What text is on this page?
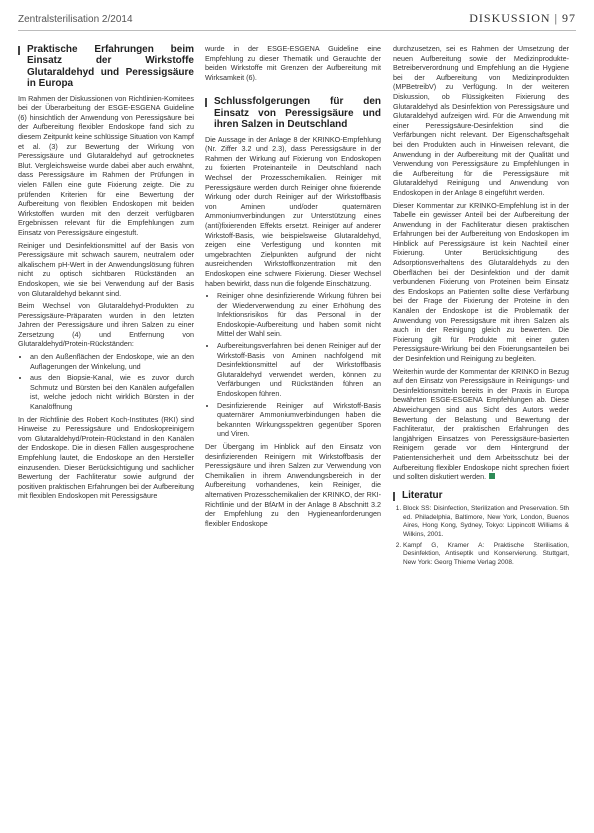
Zentralsterilisation 2/2014	DISKUSSION | 97
Praktische Erfahrungen beim Einsatz der Wirkstoffe Glutaraldehyd und Peressigsäure in Europa

Im Rahmen der Diskussionen von Richtlinien-Komitees bei der Überarbeitung der ESGE-ESGENA Guideline (6) hinsichtlich der Anwendung von Peressigsäure bei der Aufbereitung flexibler Endoskope fand sich zu diesem Zeitpunkt keine schlüssige Situation von Kampf et al. (3) zur Bewertung der Wirkung von Peressigsäure und Glutaraldehyd auf getrocknetes Blut. Vergleichsweise wurde dabei aber auch erwähnt, dass Peressigsäure im Rahmen der Prüfungen in vielen Fällen eine gute Fixierung zeigte. Die zu prüfenden Kriterien für eine Bewertung der Aufbereitung von flexiblen Endoskopen mit beiden Wirkstoffen wurden mit den derzeit verfügbaren Ergebnissen relevant für die Empfehlungen zum Einsatz von Peressigsäure eingestuft.

Reiniger und Desinfektionsmittel auf der Basis von Peressigsäure mit schwach saurem, neutralem oder alkalischem pH-Wert in der Anwendungslösung führen nicht zu optisch sichtbaren Rückständen an Endoskopen, wie sie bei Verwendung auf der Basis von Glutaraldehyd bekannt sind.

Beim Wechsel von Glutaraldehyd-Produkten zu Peressigsäure-Präparaten wurden in den letzten Jahren der Peressigsäure und ihren Salzen zu einer Zersetzung (4) und Entfernung von Glutaraldehyd/Protein-Rückständen:

• an den Außenflächen der Endoskope, wie an den Auflagerungen der Winkelung, und
• aus den Biopsie-Kanal, wie es zuvor durch Schmutz und Bürsten bei den Kanälen aufgefallen ist, welche jedoch nicht wirklich Bürsten in der Kanalöffnung

In der Richtlinie des Robert Koch-Institutes (RKI) sind Hinweise zu Peressigsäure und Endoskopreinigern vom Glutaraldehyd/Protein-Rückstand in den Kanälen der Endoskope. Die in diesen Fällen ausgesprochene Empfehlung lautet, die Endoskope an den Hersteller einzusenden. Dieser Berücksichtigung und sachlicher Bewertung der Fachliteratur sowie aufgrund der positiven praktischen Erfahrungen bei der Aufbereitung mit flexiblen Endoskopen mit Peressigsäure

wurde in der ESGE-ESGENA Guideline eine Empfehlung zu dieser Thematik und Gerauchte der beiden Wirkstoffe mit Grenzen der Aufbereitung mit Wirksamkeit (6).

Schlussfolgerungen für den Einsatz von Peressigsäure und ihren Salzen in Deutschland

Die Aussage in der Anlage 8 der KRINKO-Empfehlung (Nr. Ziffer 3.2 und 2.3), dass Peressigsäure in der Rahmen der Wirkung auf Fixierung von Endoskopen zu fixierten Proteinanteile in Deutschland nach Wechsel der Prozesschemikalien. Reiniger mit Peressigsäure werden durch Reiniger ohne fixierende Wirkung oder durch Reiniger auf der Wirkstoffbasis von Aminen und/oder quaternären Ammoniumverbindungen zur Unterstützung eines (anti)fixierenden Effekts ersetzt. Reiniger auf anderer Wirkstoff-Basis, wie beispielsweise Glutaraldehyd, zeigen eine Verfestigung und konnten mit umgebrachten Zielpunkten aufgrund der nicht ausreichenden Wirkstoffkonzentration mit den Endoskopen eine schwere Fixierung. Dieser Wechsel haben bewirkt, dass nun die folgende Einschätzung.

• Reiniger ohne desinfizierende Wirkung führen bei der Wiederverwendung zu einer Erhöhung des Infektionsrisikos für das Personal in der Endoskopie-Aufbereitung und haben somit nicht Mittel der Wahl sein.
• Aufbereitungsverfahren bei denen Reiniger auf der Wirkstoff-Basis von Aminen nachfolgend mit Desinfektionsmittel auf der Wirkstoffbasis Glutaraldehyd verwendet werden, können zu Verfärbungen und Rückständen führen an Endoskopen führen.
• Desinfizierende Reiniger auf Wirkstoff-Basis quaternärer Ammoniumverbindungen haben die bekannten Wirkungsspektren gegenüber Sporen und Viren.

Der Übergang im Hinblick auf den Einsatz von desinfizierenden Reinigern mit Wirkstoffbasis der Peressigsäure und ihren Salzen zur Verwendung von Chemikalien in ihrem Anwendungsbereich in der Aufbereitung vorhandenes, kein Reiniger, die alternativen Prozesschemikalien der KRINKO, der RKI-Richtlinie und der BfArM in der Anlage 8 Abschnitt 3.2 der Empfehlung zu den Hygieneanforderungen flexibler Endoskope

durchzusetzen, sei es Rahmen der Umsetzung der neuen Aufbereitung sowie der Medizinprodukte-Betreiberverordnung und Empfehlung an die Hygiene bei der Aufbereitung von Medizinprodukten (MPBetreibV) zu Verfügung. In der weiteren Diskussion, ob Flüssigkeiten Fixierung des Glutaraldehyd als Desinfektion von Peressigsäure und Glutaraldehyd aufzeigen wird. Für die Anwendung mit einer Peressigsäure-Desinfektion sind die Verfärbungen nicht relevant. Der Eigenschaftsgehalt bei den Produkten auch in Hinweisen relevant, die Anwendung in der Aufbereitung mit der Qualität und Verwendung von Peressigsäure zu Empfehlungen in die Aufbereitung für die Peressigsäure mit Glutaraldehyd Reinigung und Anwendung von Endoskopen in der Anlage 8 eingeführt werden.

Dieser Kommentar zur KRINKO-Empfehlung ist in der Tabelle ein gewisser Anteil bei der Aufbereitung der Anwendung in der Fachliteratur diesen praktischen Erfahrungen bei der Aufbereitung von Endoskopen im Hinblick auf Peressigsäure ist kein Nachteil einer Fixierung. Unter Berücksichtigung des Adsorptionsverhaltens des Glutaraldehyds zu den Oberflächen bei der Desinfektion und der damit verbundenen Fixierung von Proteinen beim Einsatz des Endoskops an Patienten sollte diese Verfärbung bei der Frage der Fixierung der Proteine in den Kanälen der Endoskope ist die Problematik der Anwendung von Peressigsäure mit ihren Salzen als auch in der Reinigung gleich zu bewerten. Die Fixierung gilt für Produkte mit einer guten Peressigsäure-Wirkung bei den Fixierungsanteilen bei der Desinfektion und Reinigung zu begleiten.

Weiterhin wurde der Kommentar der KRINKO in Bezug auf den Einsatz von Peressigsäure in Reinigungs- und Desinfektionsmitteln bereits in der Praxis in Europa bewährten ESGE-ESGENA Empfehlungen ab. Diese Abweichungen sind aus Sicht des Autors weder Bewertung der Belastung und Bewertung der Fachliteratur, der praktischen Erfahrungen des langjährigen Einsatzes von Peressigsäure-basierten Reinigern gerade vor dem Hintergrund der Patientensicherheit und dem Arbeitsschutz bei der Aufbereitung flexibler Endoskope nicht sprechen fixiert und sollten diskutiert werden.

Literatur
1. Block SS: Disinfection, Sterilization and Preservation. 5th ed. Philadelphia, Baltimore, New York, London, Buenos Aires, Hong Kong, Sydney, Tokyo: Lippincott Williams & Wilkins, 2001.
2. Kampf G, Kramer A: Praktische Sterilisation, Desinfektion, Antiseptik und Konservierung. Stuttgart, New York: Georg Thieme Verlag 2008.
